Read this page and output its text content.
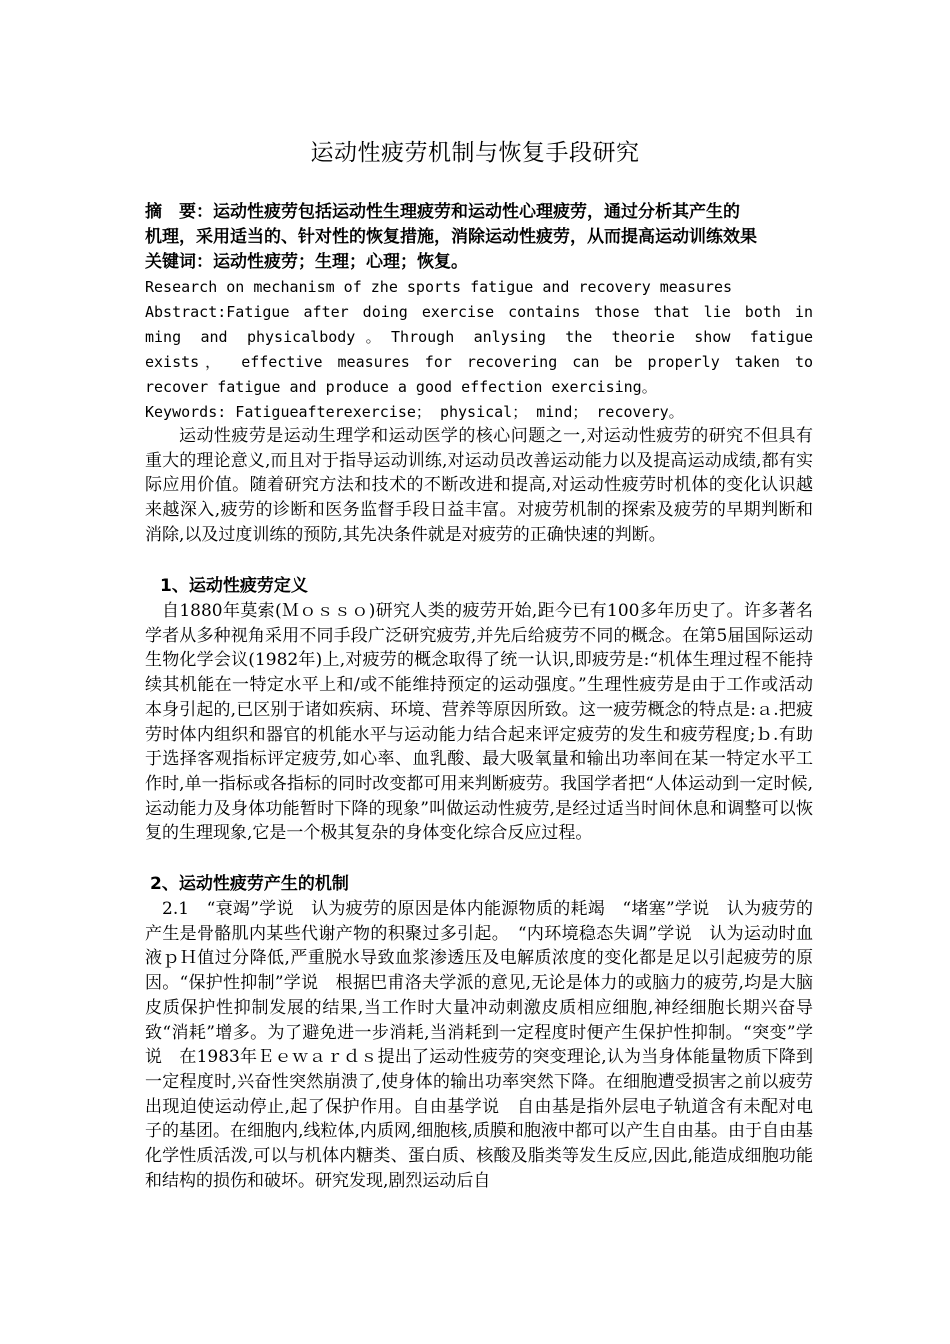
运动性疲劳机制与恢复手段研究
摘　要：运动性疲劳包括运动性生理疲劳和运动性心理疲劳，通过分析其产生的
机理，采用适当的、针对性的恢复措施，消除运动性疲劳，从而提高运动训练效果
关键词：运动性疲劳；生理；心理；恢复。
Research on mechanism of zhe sports fatigue and recovery measures
Abstract:Fatigue after doing exercise contains those that lie both in
ming and physicalbody。Through anlysing the theorie show fatigue
exists， effective measures for recovering can be properly taken to
recover fatigue and produce a good effection exercising。
Keywords: Fatigueafterexercise； physical； mind； recovery。

运动性疲劳是运动生理学和运动医学的核心问题之一,对运动性疲劳的研究不但具有重大的理论意义,而且对于指导运动训练,对运动员改善运动能力以及提高运动成绩,都有实际应用价值。随着研究方法和技术的不断改进和提高,对运动性疲劳时机体的变化认识越来越深入,疲劳的诊断和医务监督手段日益丰富。对疲劳机制的探索及疲劳的早期判断和消除,以及过度训练的预防,其先决条件就是对疲劳的正确快速的判断。

1、运动性疲劳定义

自1880年莫索(Ｍｏｓｓｏ)研究人类的疲劳开始,距今已有100多年历史了。许多著名学者从多种视角采用不同手段广泛研究疲劳,并先后给疲劳不同的概念。在第5届国际运动生物化学会议(1982年)上,对疲劳的概念取得了统一认识,即疲劳是:“机体生理过程不能持续其机能在一特定水平上和/或不能维持预定的运动强度。”生理性疲劳是由于工作或活动本身引起的,已区别于诸如疾病、环境、营养等原因所致。这一疲劳概念的特点是:ａ.把疲劳时体内组织和器官的机能水平与运动能力结合起来评定疲劳的发生和疲劳程度;ｂ.有助于选择客观指标评定疲劳,如心率、血乳酸、最大吸氧量和输出功率间在某一特定水平工作时,单一指标或各指标的同时改变都可用来判断疲劳。我国学者把“人体运动到一定时候,运动能力及身体功能暂时下降的现象”叫做运动性疲劳,是经过适当时间休息和调整可以恢复的生理现象,它是一个极其复杂的身体变化综合反应过程。

2、运动性疲劳产生的机制

2.1　“衰竭”学说　认为疲劳的原因是体内能源物质的耗竭　“堵塞”学说　认为疲劳的产生是骨骼肌内某些代谢产物的积聚过多引起。　“内环境稳态失调”学说　认为运动时血液ｐＨ值过分降低,严重脱水导致血浆渗透压及电解质浓度的变化都是足以引起疲劳的原因。“保护性抑制”学说　根据巴甫洛夫学派的意见,无论是体力的或脑力的疲劳,均是大脑皮质保护性抑制发展的结果,当工作时大量冲动刺激皮质相应细胞,神经细胞长期兴奋导致“消耗”增多。为了避免进一步消耗,当消耗到一定程度时便产生保护性抑制。“突变”学说　在1983年Ｅｅｗａｒｄｓ提出了运动性疲劳的突变理论,认为当身体能量物质下降到一定程度时,兴奋性突然崩溃了,使身体的输出功率突然下降。在细胞遭受损害之前以疲劳出现迫使运动停止,起了保护作用。自由基学说　自由基是指外层电子轨道含有未配对电子的基团。在细胞内,线粒体,内质网,细胞核,质膜和胞液中都可以产生自由基。由于自由基化学性质活泼,可以与机体内糖类、蛋白质、核酸及脂类等发生反应,因此,能造成细胞功能和结构的损伤和破坏。研究发现,剧烈运动后自
